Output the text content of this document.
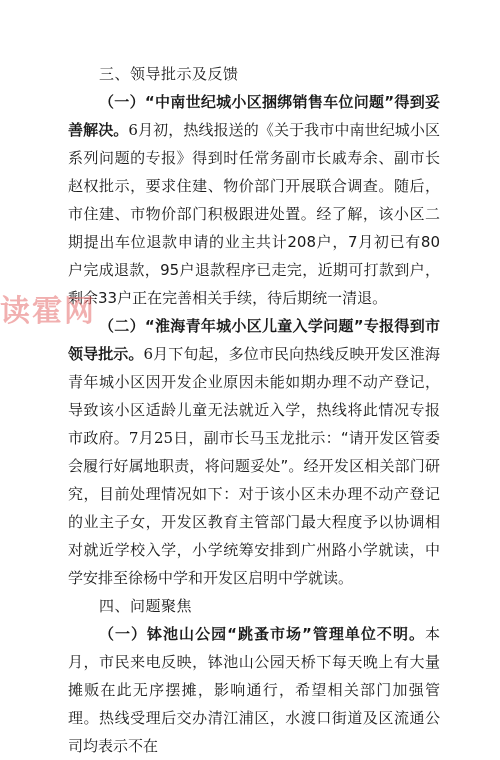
三、领导批示及反馈

（一）“中南世纪城小区捆绑销售车位问题”得到妥善解决。6月初，热线报送的《关于我市中南世纪城小区系列问题的专报》得到时任常务副市长戚寿余、副市长赵权批示，要求住建、物价部门开展联合调查。随后，市住建、市物价部门积极跟进处置。经了解，该小区二期提出车位退款申请的业主共计208户，7月初已有80户完成退款，95户退款程序已走完，近期可打款到户，剩余33户正在完善相关手续，待后期统一清退。

（二）“淮海青年城小区儿童入学问题”专报得到市领导批示。6月下旬起，多位市民向热线反映开发区淮海青年城小区因开发企业原因未能如期办理不动产登记，导致该小区适龄儿童无法就近入学，热线将此情况专报市政府。7月25日，副市长马玉龙批示：“请开发区管委会履行好属地职责，将问题妥处”。经开发区相关部门研究，目前处理情况如下：对于该小区未办理不动产登记的业主子女，开发区教育主管部门最大程度予以协调相对就近学校入学，小学统筹安排到广州路小学就读，中学安排至徐杨中学和开发区启明中学就读。

四、问题聚焦

（一）钵池山公园“跳蚤市场”管理单位不明。本月，市民来电反映，钵池山公园天桥下每天晚上有大量摊贩在此无序摆摊，影响通行，希望相关部门加强管理。热线受理后交办清江浦区，水渡口街道及区流通公司均表示不在

读霍网
